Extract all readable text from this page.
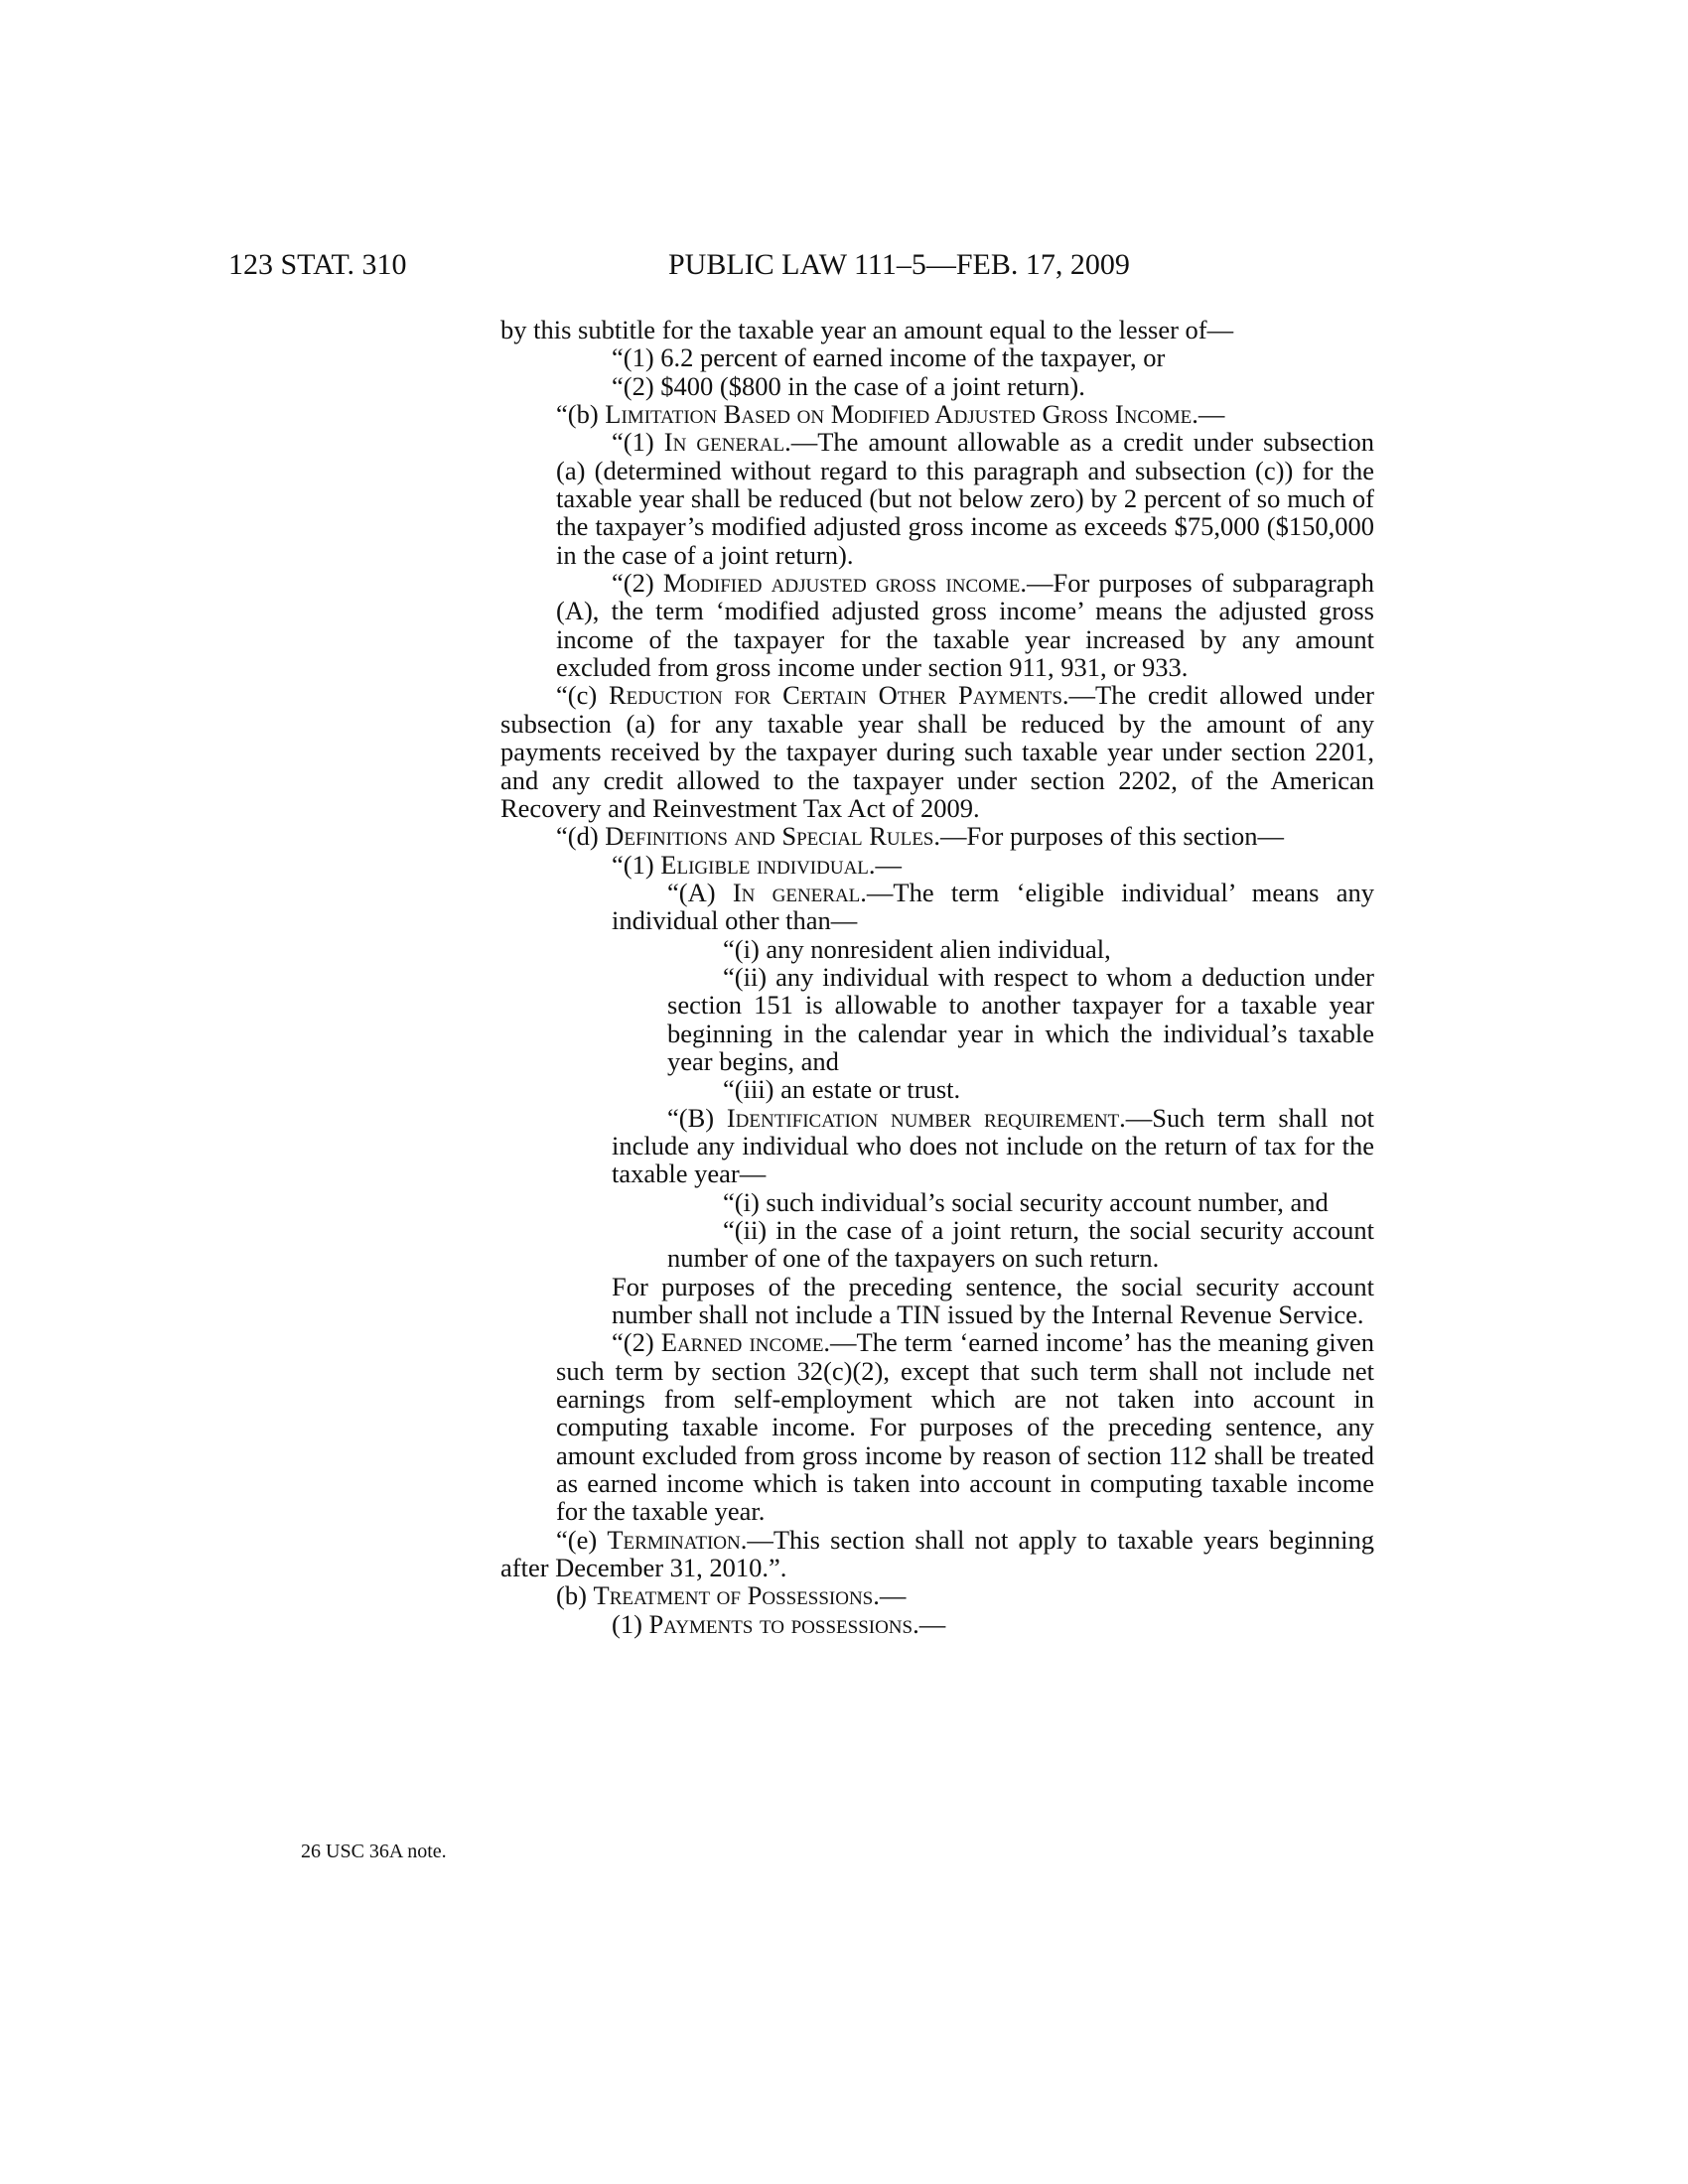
123 STAT. 310	PUBLIC LAW 111–5—FEB. 17, 2009

by this subtitle for the taxable year an amount equal to the lesser of—

“(1) 6.2 percent of earned income of the taxpayer, or

“(2) $400 ($800 in the case of a joint return).

“(b) Limitation Based on Modified Adjusted Gross Income.—

“(1) In general.—The amount allowable as a credit under subsection (a) (determined without regard to this paragraph and subsection (c)) for the taxable year shall be reduced (but not below zero) by 2 percent of so much of the taxpayer’s modified adjusted gross income as exceeds $75,000 ($150,000 in the case of a joint return).

“(2) Modified adjusted gross income.—For purposes of subparagraph (A), the term ‘modified adjusted gross income’ means the adjusted gross income of the taxpayer for the taxable year increased by any amount excluded from gross income under section 911, 931, or 933.

“(c) Reduction for Certain Other Payments.—The credit allowed under subsection (a) for any taxable year shall be reduced by the amount of any payments received by the taxpayer during such taxable year under section 2201, and any credit allowed to the taxpayer under section 2202, of the American Recovery and Reinvestment Tax Act of 2009.

“(d) Definitions and Special Rules.—For purposes of this section—

“(1) Eligible individual.—

“(A) In general.—The term ‘eligible individual’ means any individual other than—

“(i) any nonresident alien individual,

“(ii) any individual with respect to whom a deduction under section 151 is allowable to another taxpayer for a taxable year beginning in the calendar year in which the individual’s taxable year begins, and

“(iii) an estate or trust.

“(B) Identification number requirement.—Such term shall not include any individual who does not include on the return of tax for the taxable year—

“(i) such individual’s social security account number, and

“(ii) in the case of a joint return, the social security account number of one of the taxpayers on such return.

For purposes of the preceding sentence, the social security account number shall not include a TIN issued by the Internal Revenue Service.

“(2) Earned income.—The term ‘earned income’ has the meaning given such term by section 32(c)(2), except that such term shall not include net earnings from self-employment which are not taken into account in computing taxable income. For purposes of the preceding sentence, any amount excluded from gross income by reason of section 112 shall be treated as earned income which is taken into account in computing taxable income for the taxable year.

“(e) Termination.—This section shall not apply to taxable years beginning after December 31, 2010.”.

(b) Treatment of Possessions.—

(1) Payments to possessions.—

26 USC 36A note.
